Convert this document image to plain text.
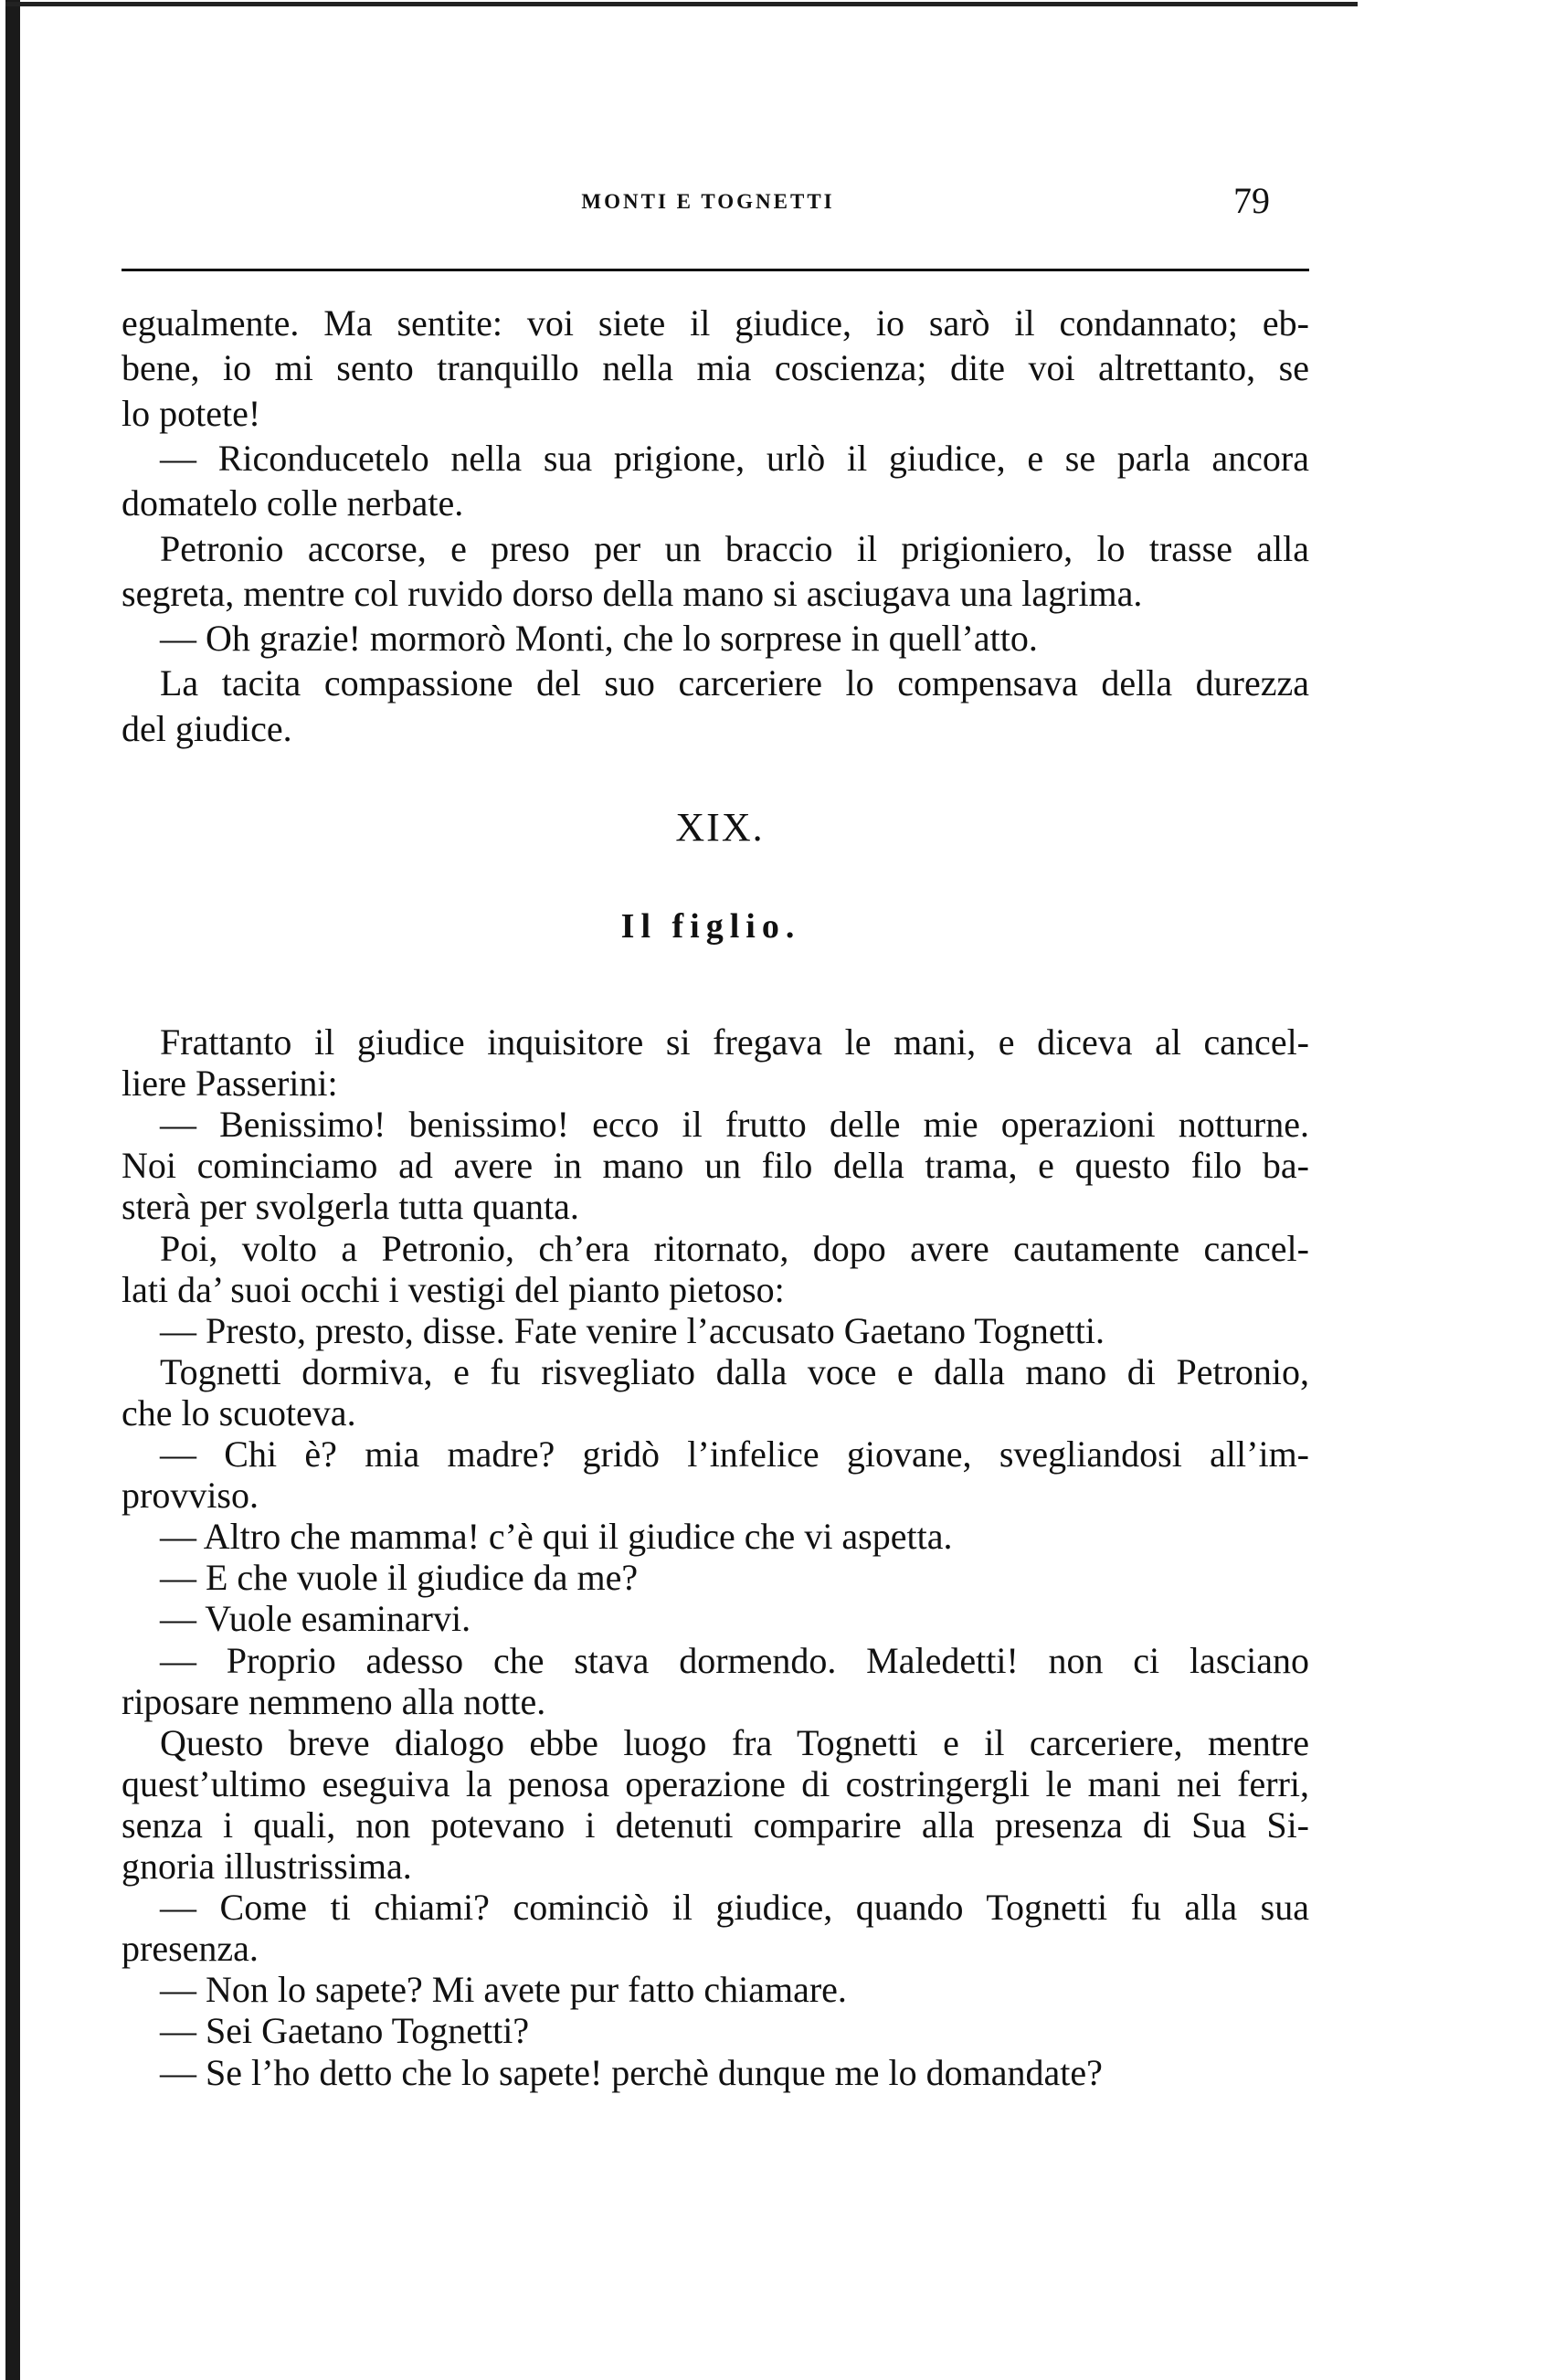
MONTI E TOGNETTI	79
egualmente. Ma sentite: voi siete il giudice, io sarò il condannato; eb-
bene, io mi sento tranquillo nella mia coscienza; dite voi altrettanto, se
lo potete!
— Riconducetelo nella sua prigione, urlò il giudice, e se parla ancora
domatelo colle nerbate.
Petronio accorse, e preso per un braccio il prigioniero, lo trasse alla
segreta, mentre col ruvido dorso della mano si asciugava una lagrima.
— Oh grazie! mormorò Monti, che lo sorprese in quell’atto.
La tacita compassione del suo carceriere lo compensava della durezza
del giudice.
XIX.
Il figlio.
Frattanto il giudice inquisitore si fregava le mani, e diceva al cancel-
liere Passerini:
— Benissimo! benissimo! ecco il frutto delle mie operazioni notturne.
Noi cominciamo ad avere in mano un filo della trama, e questo filo ba-
sterà per svolgerla tutta quanta.
Poi, volto a Petronio, ch’era ritornato, dopo avere cautamente cancel-
lati da’ suoi occhi i vestigi del pianto pietoso:
— Presto, presto, disse. Fate venire l’accusato Gaetano Tognetti.
Tognetti dormiva, e fu risvegliato dalla voce e dalla mano di Petronio,
che lo scuoteva.
— Chi è? mia madre? gridò l’infelice giovane, svegliandosi all’im-
provviso.
— Altro che mamma! c’è qui il giudice che vi aspetta.
— E che vuole il giudice da me?
— Vuole esaminarvi.
— Proprio adesso che stava dormendo. Maledetti! non ci lasciano
riposare nemmeno alla notte.
Questo breve dialogo ebbe luogo fra Tognetti e il carceriere, mentre
quest’ultimo eseguiva la penosa operazione di costringergli le mani nei ferri,
senza i quali, non potevano i detenuti comparire alla presenza di Sua Si-
gnoria illustrissima.
— Come ti chiami? cominciò il giudice, quando Tognetti fu alla sua
presenza.
— Non lo sapete? Mi avete pur fatto chiamare.
— Sei Gaetano Tognetti?
— Se l’ho detto che lo sapete! perchè dunque me lo domandate?
